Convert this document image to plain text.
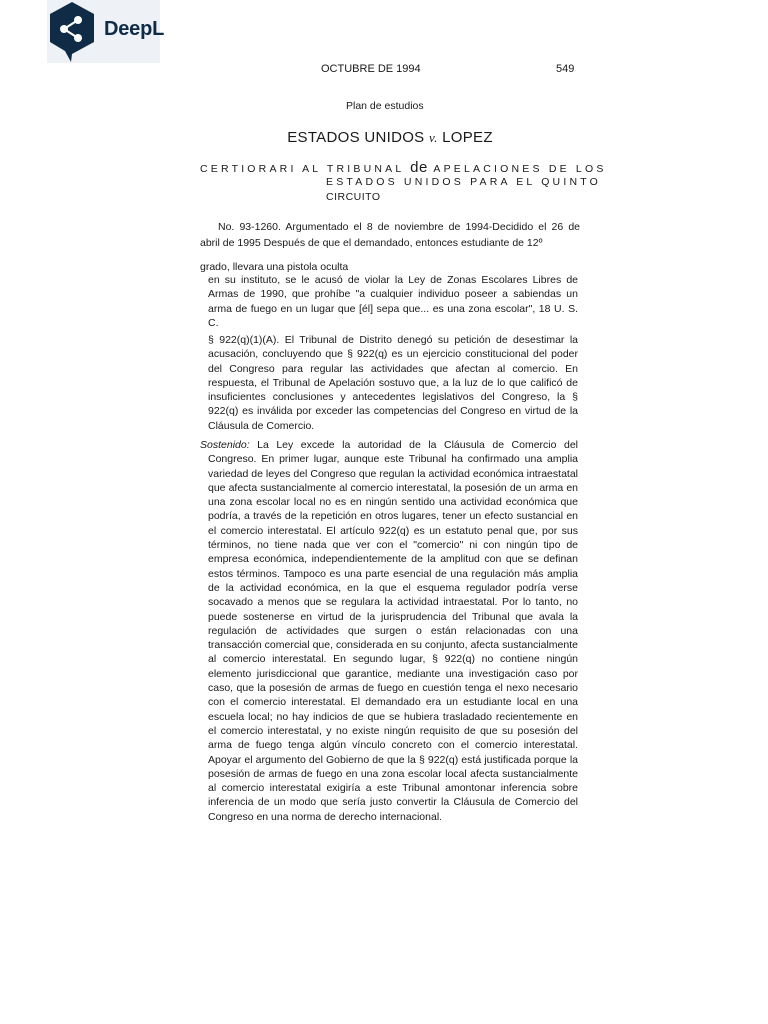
DeepL
OCTUBRE DE 1994	549
Plan de estudios
ESTADOS UNIDOS v. LOPEZ
CERTIORARI AL TRIBUNAL de APELACIONES DE LOS
ESTADOS UNIDOS PARA EL QUINTO
CIRCUITO
No. 93-1260. Argumentado el 8 de noviembre de 1994-Decidido el 26 de
abril de 1995 Después de que el demandado, entonces estudiante de 12º
grado, llevara una pistola oculta
en su instituto, se le acusó de violar la Ley de Zonas Escolares Libres de Armas de 1990, que prohíbe "a cualquier individuo poseer a sabiendas un arma de fuego en un lugar que [él] sepa que... es una zona escolar", 18 U. S. C.
§ 922(q)(1)(A). El Tribunal de Distrito denegó su petición de desestimar la acusación, concluyendo que § 922(q) es un ejercicio constitucional del poder del Congreso para regular las actividades que afectan al comercio. En respuesta, el Tribunal de Apelación sostuvo que, a la luz de lo que calificó de insuficientes conclusiones y antecedentes legislativos del Congreso, la § 922(q) es inválida por exceder las competencias del Congreso en virtud de la Cláusula de Comercio.
Sostenido: La Ley excede la autoridad de la Cláusula de Comercio del Congreso. En primer lugar, aunque este Tribunal ha confirmado una amplia variedad de leyes del Congreso que regulan la actividad económica intraestatal que afecta sustancialmente al comercio interestatal, la posesión de un arma en una zona escolar local no es en ningún sentido una actividad económica que podría, a través de la repetición en otros lugares, tener un efecto sustancial en el comercio interestatal. El artículo 922(q) es un estatuto penal que, por sus términos, no tiene nada que ver con el "comercio" ni con ningún tipo de empresa económica, independientemente de la amplitud con que se definan estos términos. Tampoco es una parte esencial de una regulación más amplia de la actividad económica, en la que el esquema regulador podría verse socavado a menos que se regulara la actividad intraestatal. Por lo tanto, no puede sostenerse en virtud de la jurisprudencia del Tribunal que avala la regulación de actividades que surgen o están relacionadas con una transacción comercial que, considerada en su conjunto, afecta sustancialmente al comercio interestatal. En segundo lugar, § 922(q) no contiene ningún elemento jurisdiccional que garantice, mediante una investigación caso por caso, que la posesión de armas de fuego en cuestión tenga el nexo necesario con el comercio interestatal. El demandado era un estudiante local en una escuela local; no hay indicios de que se hubiera trasladado recientemente en el comercio interestatal, y no existe ningún requisito de que su posesión del arma de fuego tenga algún vínculo concreto con el comercio interestatal. Apoyar el argumento del Gobierno de que la § 922(q) está justificada porque la posesión de armas de fuego en una zona escolar local afecta sustancialmente al comercio interestatal exigiría a este Tribunal amontonar inferencia sobre inferencia de un modo que sería justo convertir la Cláusula de Comercio del Congreso en una norma de derecho internacional.
